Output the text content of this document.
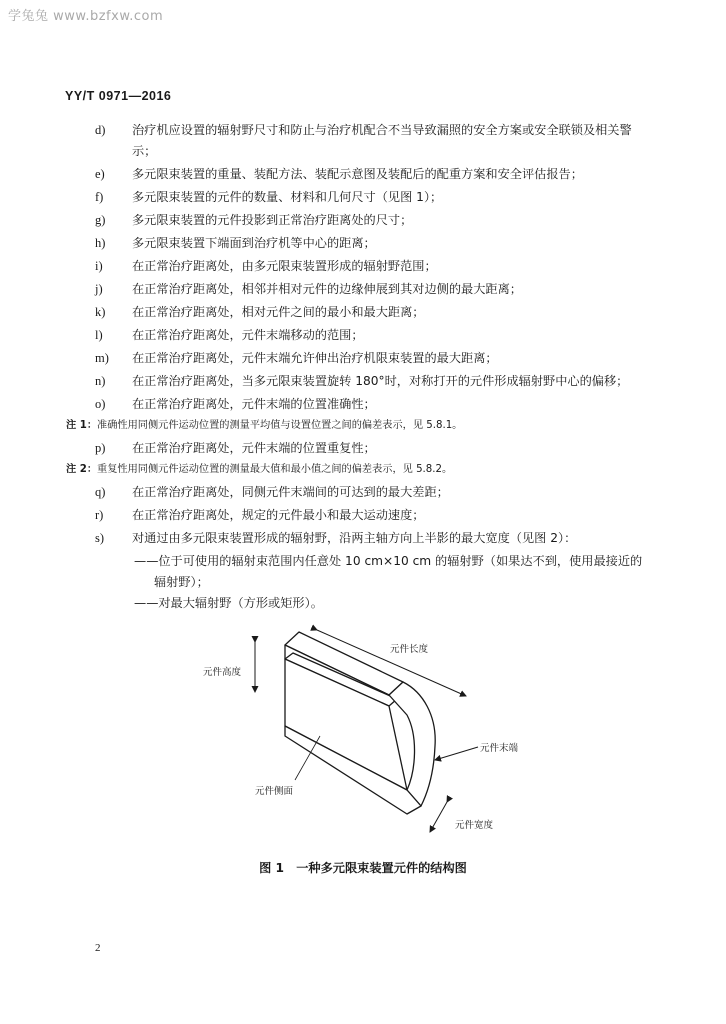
学兔兔 www.bzfxw.com
YY/T 0971—2016
d)	治疗机应设置的辐射野尺寸和防止与治疗机配合不当导致漏照的安全方案或安全联锁及相关警示；
e)	多元限束装置的重量、装配方法、装配示意图及装配后的配重方案和安全评估报告；
f)	多元限束装置的元件的数量、材料和几何尺寸（见图 1）；
g)	多元限束装置的元件投影到正常治疗距离处的尺寸；
h)	多元限束装置下端面到治疗机等中心的距离；
i)	在正常治疗距离处，由多元限束装置形成的辐射野范围；
j)	在正常治疗距离处，相邻并相对元件的边缘伸展到其对边侧的最大距离；
k)	在正常治疗距离处，相对元件之间的最小和最大距离；
l)	在正常治疗距离处，元件末端移动的范围；
m)	在正常治疗距离处，元件末端允许伸出治疗机限束装置的最大距离；
n)	在正常治疗距离处，当多元限束装置旋转 180°时，对称打开的元件形成辐射野中心的偏移；
o)	在正常治疗距离处，元件末端的位置准确性；
注 1：准确性用同侧元件运动位置的测量平均值与设置位置之间的偏差表示，见 5.8.1。
p)	在正常治疗距离处，元件末端的位置重复性；
注 2：重复性用同侧元件运动位置的测量最大值和最小值之间的偏差表示，见 5.8.2。
q)	在正常治疗距离处，同侧元件末端间的可达到的最大差距；
r)	在正常治疗距离处，规定的元件最小和最大运动速度；
s)	对通过由多元限束装置形成的辐射野，沿两主轴方向上半影的最大宽度（见图 2）：
——位于可使用的辐射束范围内任意处 10 cm×10 cm 的辐射野（如果达不到，使用最接近的
辐射野）；
——对最大辐射野（方形或矩形）。
元件高度
元件长度
元件末端
元件侧面
元件宽度
图 1　一种多元限束装置元件的结构图
2
